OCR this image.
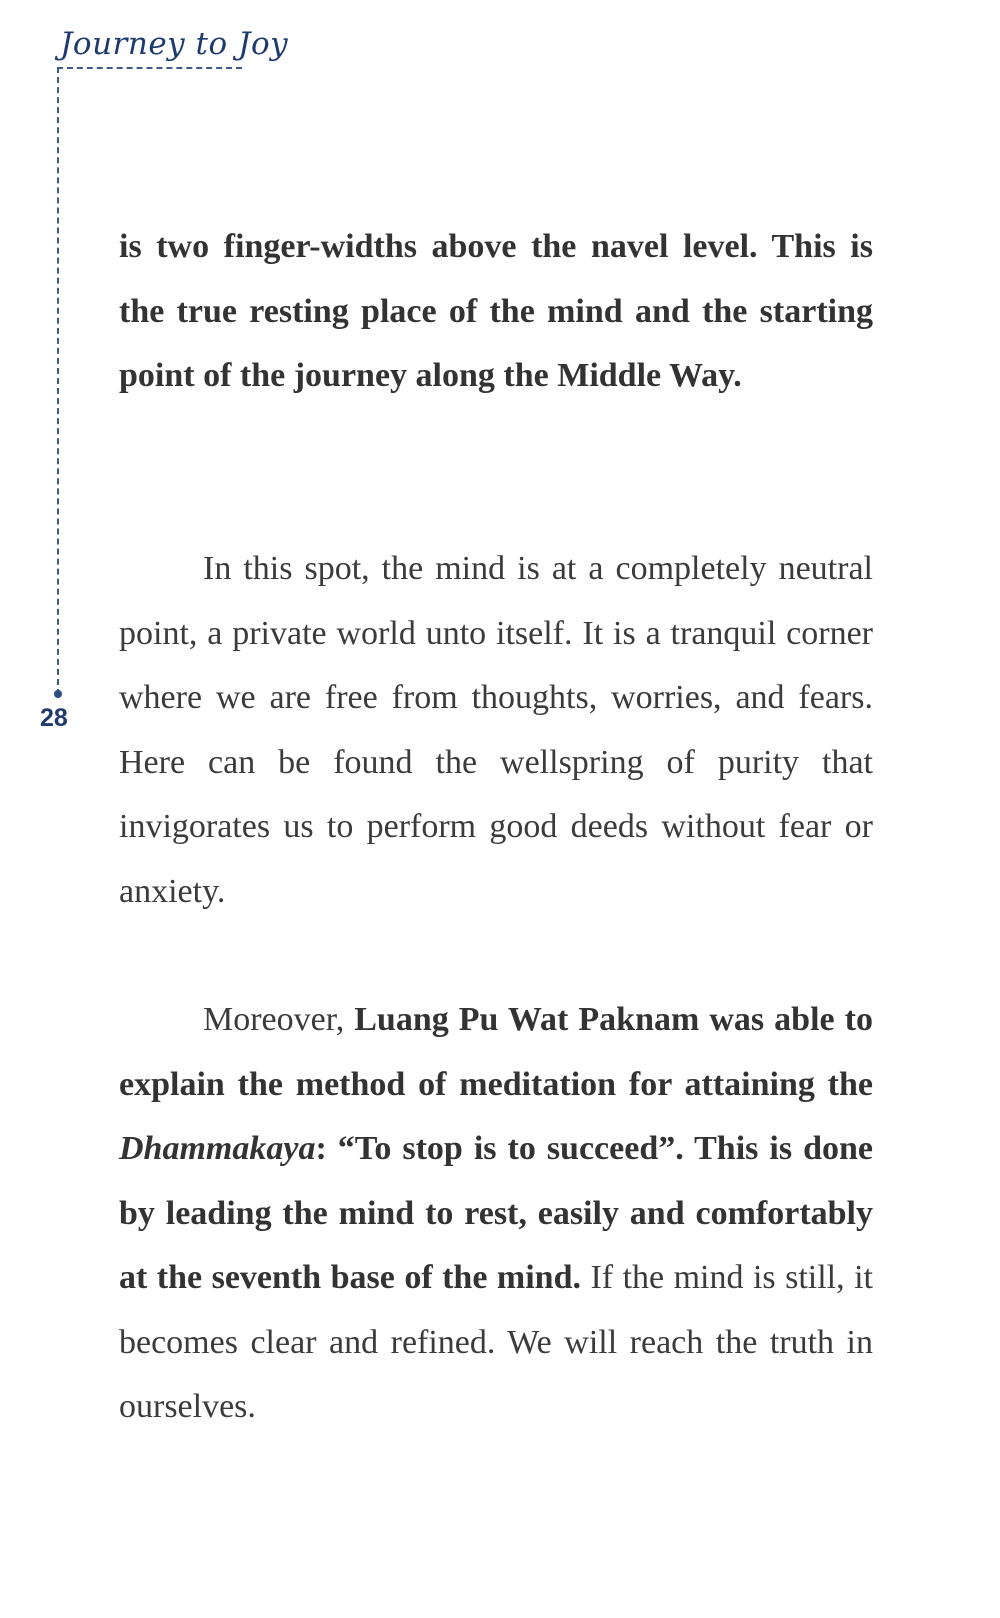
Journey to Joy
28

is two finger-widths above the navel level. This is the true resting place of the mind and the starting point of the journey along the Middle Way.

In this spot, the mind is at a completely neutral point, a private world unto itself. It is a tranquil corner where we are free from thoughts, worries, and fears. Here can be found the wellspring of purity that invigorates us to perform good deeds without fear or anxiety.

Moreover, Luang Pu Wat Paknam was able to explain the method of meditation for attaining the Dhammakaya: “To stop is to succeed”. This is done by leading the mind to rest, easily and comfortably at the seventh base of the mind. If the mind is still, it becomes clear and refined. We will reach the truth in ourselves.
